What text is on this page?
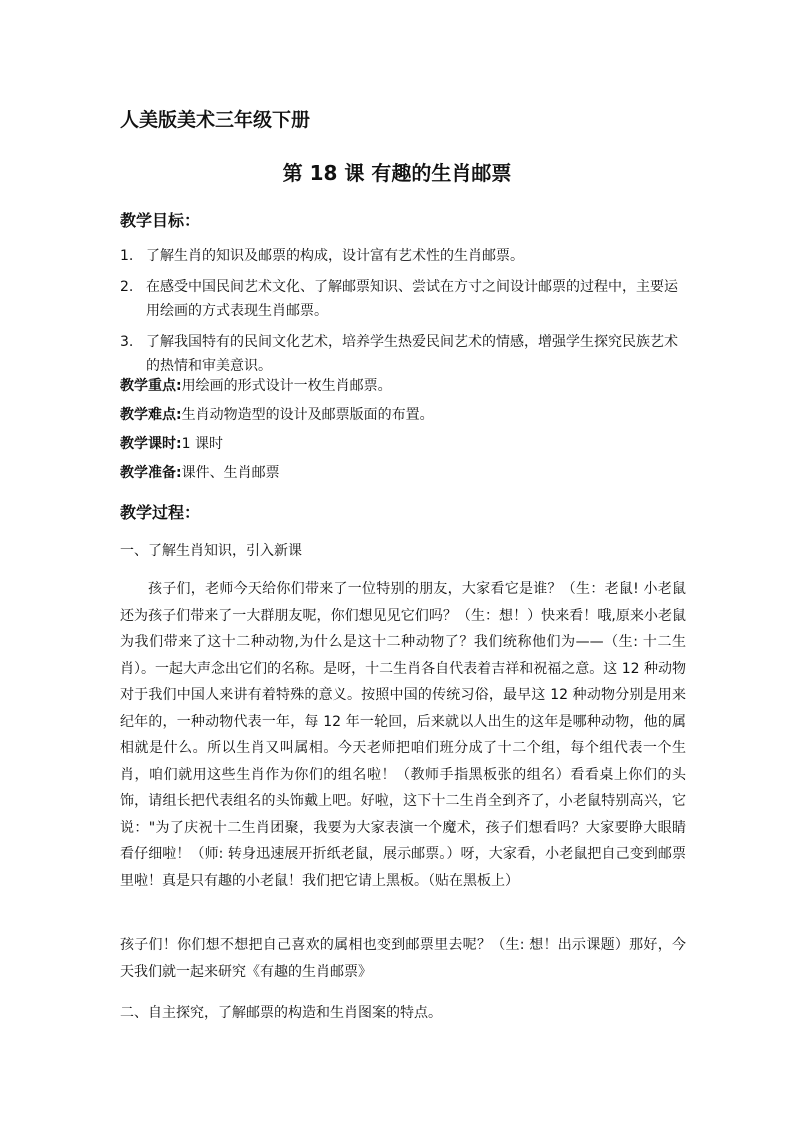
人美版美术三年级下册
第 18 课 有趣的生肖邮票
教学目标：
1. 了解生肖的知识及邮票的构成，设计富有艺术性的生肖邮票。
2. 在感受中国民间艺术文化、了解邮票知识、尝试在方寸之间设计邮票的过程中，主要运用绘画的方式表现生肖邮票。
3. 了解我国特有的民间文化艺术，培养学生热爱民间艺术的情感，增强学生探究民族艺术的热情和审美意识。
教学重点:用绘画的形式设计一枚生肖邮票。
教学难点:生肖动物造型的设计及邮票版面的布置。
教学课时:1 课时
教学准备:课件、生肖邮票
教学过程：
一、了解生肖知识，引入新课
孩子们，老师今天给你们带来了一位特别的朋友，大家看它是谁？（生：老鼠! 小老鼠还为孩子们带来了一大群朋友呢，你们想见见它们吗？（生：想！）快来看！哦,原来小老鼠为我们带来了这十二种动物,为什么是这十二种动物了？我们统称他们为——（生: 十二生肖）。一起大声念出它们的名称。是呀，十二生肖各自代表着吉祥和祝福之意。这 12 种动物对于我们中国人来讲有着特殊的意义。按照中国的传统习俗，最早这 12 种动物分别是用来纪年的，一种动物代表一年，每 12 年一轮回，后来就以人出生的这年是哪种动物，他的属相就是什么。所以生肖又叫属相。今天老师把咱们班分成了十二个组，每个组代表一个生肖，咱们就用这些生肖作为你们的组名啦！（教师手指黑板张的组名）看看桌上你们的头饰，请组长把代表组名的头饰戴上吧。好啦，这下十二生肖全到齐了，小老鼠特别高兴，它说："为了庆祝十二生肖团聚，我要为大家表演一个魔术，孩子们想看吗？大家要睁大眼睛看仔细啦！（师: 转身迅速展开折纸老鼠，展示邮票。）呀，大家看，小老鼠把自己变到邮票里啦！真是只有趣的小老鼠！我们把它请上黑板。（贴在黑板上）
孩子们！你们想不想把自己喜欢的属相也变到邮票里去呢？（生: 想！出示课题）那好，今天我们就一起来研究《有趣的生肖邮票》
二、自主探究，了解邮票的构造和生肖图案的特点。
